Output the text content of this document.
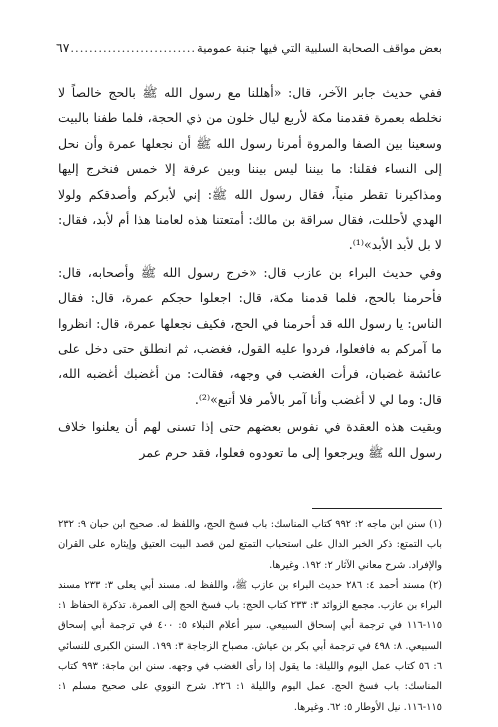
بعض مواقف الصحابة السلبية التي فيها جنبة عمومية
...........................
٦٧

ففي حديث جابر الآخر، قال: «أهللنا مع رسول الله ﷺ بالحج خالصاً لا نخلطه بعمرة فقدمنا مكة لأربع ليال خلون من ذي الحجة، فلما طفنا بالبيت وسعينا بين الصفا والمروة أمرنا رسول الله ﷺ أن نجعلها عمرة وأن نحل إلى النساء فقلنا: ما بيننا ليس بيننا وبين عرفة إلا خمس فنخرج إليها ومذاكيرنا تقطر منياً، فقال رسول الله ﷺ: إني لأبركم وأصدقكم ولولا الهدي لأحللت، فقال سراقة بن مالك: أمتعتنا هذه لعامنا هذا أم لأبد، فقال: لا بل لأبد الأبد»⁽¹⁾.

وفي حديث البراء بن عازب قال: «خرج رسول الله ﷺ وأصحابه، قال: فأحرمنا بالحج، فلما قدمنا مكة، قال: اجعلوا حجكم عمرة، قال: فقال الناس: يا رسول الله قد أحرمنا في الحج، فكيف نجعلها عمرة، قال: انظروا ما آمركم به فافعلوا، فردوا عليه القول، فغضب، ثم انطلق حتى دخل على عائشة غضبان، فرأت الغضب في وجهه، فقالت: من أغضبك أغضبه الله، قال: وما لي لا أغضب وأنا آمر بالأمر فلا أتبع»⁽²⁾.

وبقيت هذه العقدة في نفوس بعضهم حتى إذا تسنى لهم أن يعلنوا خلاف رسول الله ﷺ ويرجعوا إلى ما تعودوه فعلوا، فقد حرم عمر

(١) سنن ابن ماجه ٢: ٩٩٢ كتاب المناسك: باب فسخ الحج، واللفظ له. صحيح ابن حبان ٩: ٢٣٢ باب التمتع: ذكر الخبر الدال على استحباب التمتع لمن قصد البيت العتيق وإيثاره على القران والإفراد. شرح معاني الآثار ٢: ١٩٢. وغيرها.

(٢) مسند أحمد ٤: ٢٨٦ حديث البراء بن عازب ﷺ، واللفظ له. مسند أبي يعلى ٣: ٢٣٣ مسند البراء بن عازب. مجمع الزوائد ٣: ٢٣٣ كتاب الحج: باب فسخ الحج إلى العمرة. تذكرة الحفاظ ١: ١١٥-١١٦ في ترجمة أبي إسحاق السبيعي. سير أعلام النبلاء ٥: ٤٠٠ في ترجمة أبي إسحاق السبيعي. ٨: ٤٩٨ في ترجمة أبي بكر بن عياش. مصباح الزجاجة ٣: ١٩٩. السنن الكبرى للنسائي ٦: ٥٦ كتاب عمل اليوم والليلة: ما يقول إذا رأى الغضب في وجهه. سنن ابن ماجة: ٩٩٣ كتاب المناسك: باب فسخ الحج. عمل اليوم والليلة ١: ٢٢٦. شرح النووي على صحيح مسلم ١: ١١٥-١١٦. نيل الأوطار ٥: ٦٢. وغيرها.
